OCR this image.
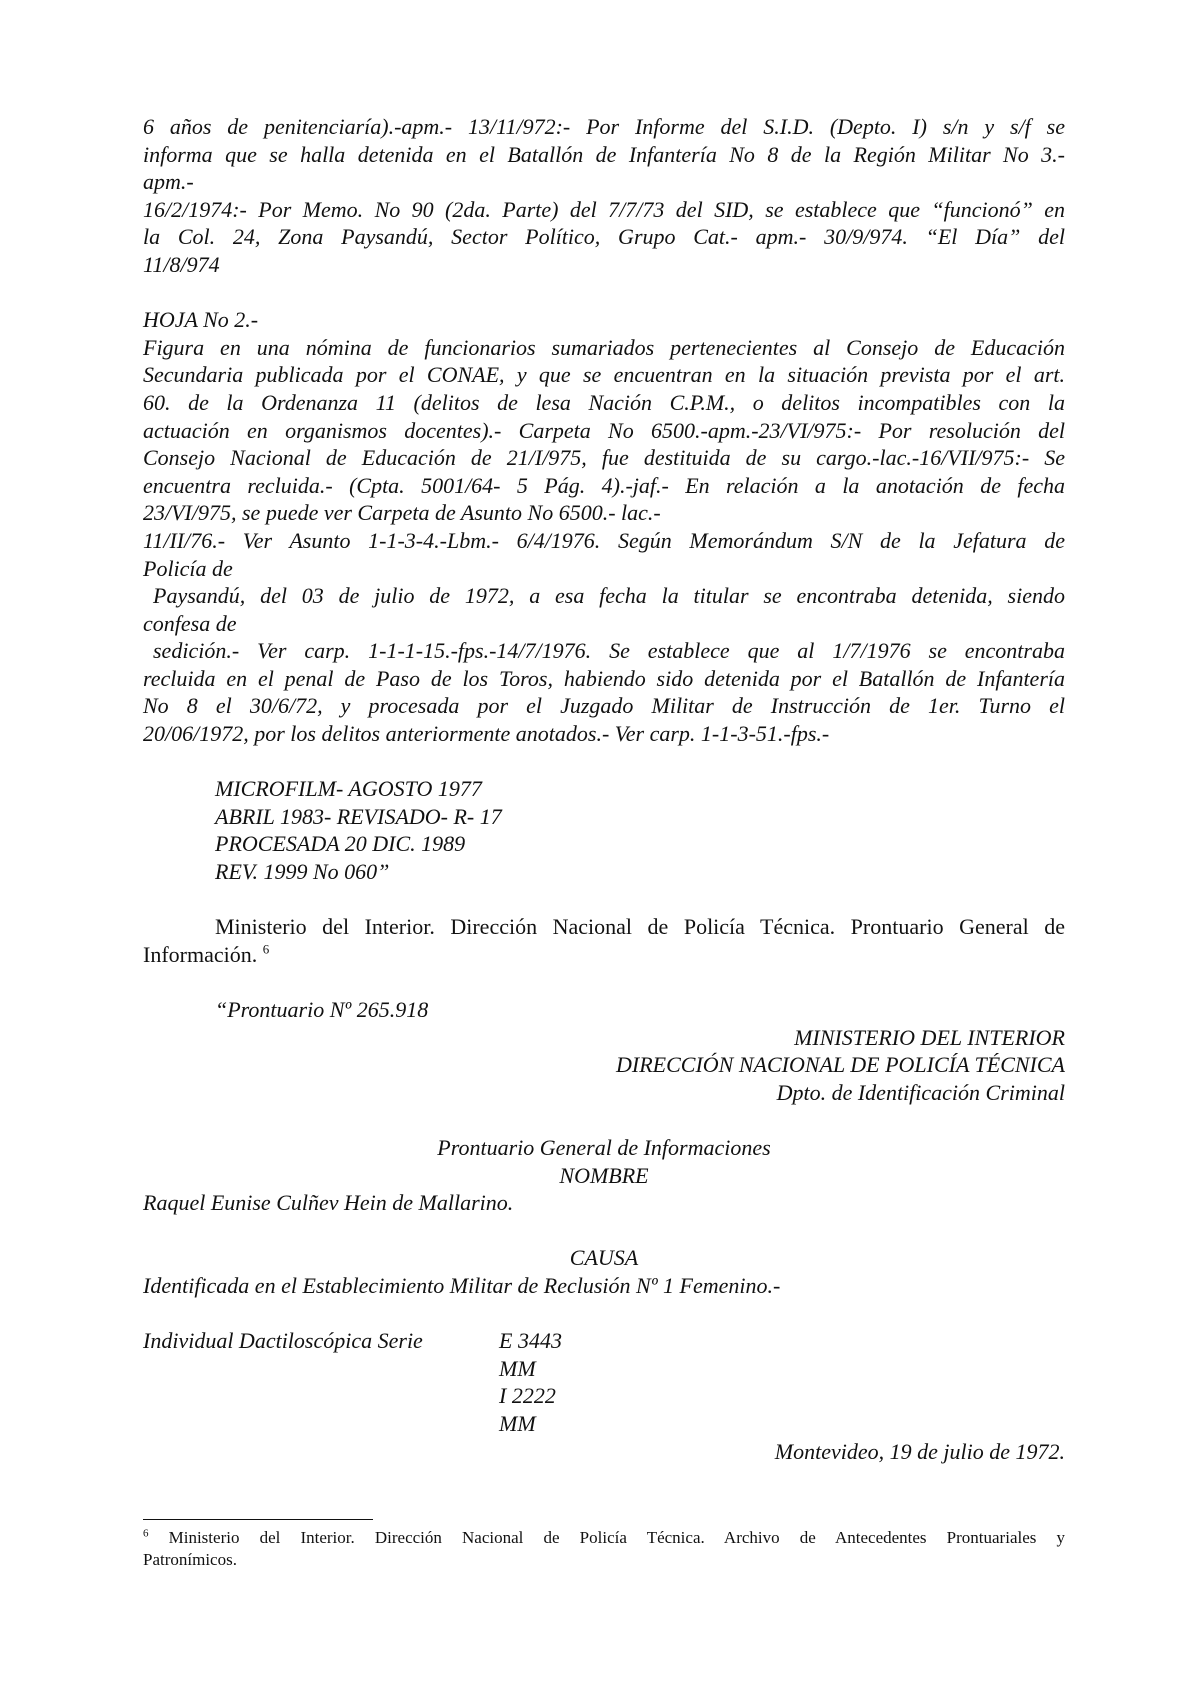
6 años de penitenciaría).-apm.- 13/11/972:- Por Informe del S.I.D. (Depto. I) s/n y s/f se
informa que se halla detenida en el Batallón de Infantería No 8 de la Región Militar No 3.-
apm.-
16/2/1974:- Por Memo. No 90 (2da. Parte) del 7/7/73 del SID, se establece que “funcionó” en
la Col. 24, Zona Paysandú, Sector Político, Grupo Cat.- apm.- 30/9/974. “El Día” del
11/8/974
HOJA No 2.-
Figura en una nómina de funcionarios sumariados pertenecientes al Consejo de Educación
Secundaria publicada por el CONAE, y que se encuentran en la situación prevista por el art.
60. de la Ordenanza 11 (delitos de lesa Nación C.P.M., o delitos incompatibles con la
actuación en organismos docentes).- Carpeta No 6500.-apm.-23/VI/975:- Por resolución del
Consejo Nacional de Educación de 21/I/975, fue destituida de su cargo.-lac.-16/VII/975:- Se
encuentra recluida.- (Cpta. 5001/64- 5 Pág. 4).-jaf.- En relación a la anotación de fecha
23/VI/975, se puede ver Carpeta de Asunto No 6500.- lac.-
11/II/76.- Ver Asunto 1-1-3-4.-Lbm.- 6/4/1976. Según Memorándum S/N de la Jefatura de
Policía de
Paysandú, del 03 de julio de 1972, a esa fecha la titular se encontraba detenida, siendo
confesa de
sedición.- Ver carp. 1-1-1-15.-fps.-14/7/1976. Se establece que al 1/7/1976 se encontraba
recluida en el penal de Paso de los Toros, habiendo sido detenida por el Batallón de Infantería
No 8 el 30/6/72, y procesada por el Juzgado Militar de Instrucción de 1er. Turno el
20/06/1972, por los delitos anteriormente anotados.- Ver carp. 1-1-3-51.-fps.-
MICROFILM- AGOSTO 1977
ABRIL 1983- REVISADO- R- 17
PROCESADA 20 DIC. 1989
REV. 1999 No 060”
Ministerio del Interior. Dirección Nacional de Policía Técnica. Prontuario General de
Información. $^6$
“Prontuario Nº 265.918
MINISTERIO DEL INTERIOR
DIRECCIÓN NACIONAL DE POLICÍA TÉCNICA
Dpto. de Identificación Criminal
Prontuario General de Informaciones
NOMBRE
Raquel Eunise Culñev Hein de Mallarino.
CAUSA
Identificada en el Establecimiento Militar de Reclusión Nº 1 Femenino.-
Individual Dactiloscópica Serie	E 3443
MM
I 2222
MM
Montevideo, 19 de julio de 1972.
$^6$ Ministerio del Interior. Dirección Nacional de Policía Técnica. Archivo de Antecedentes Prontuariales y
Patronímicos.
